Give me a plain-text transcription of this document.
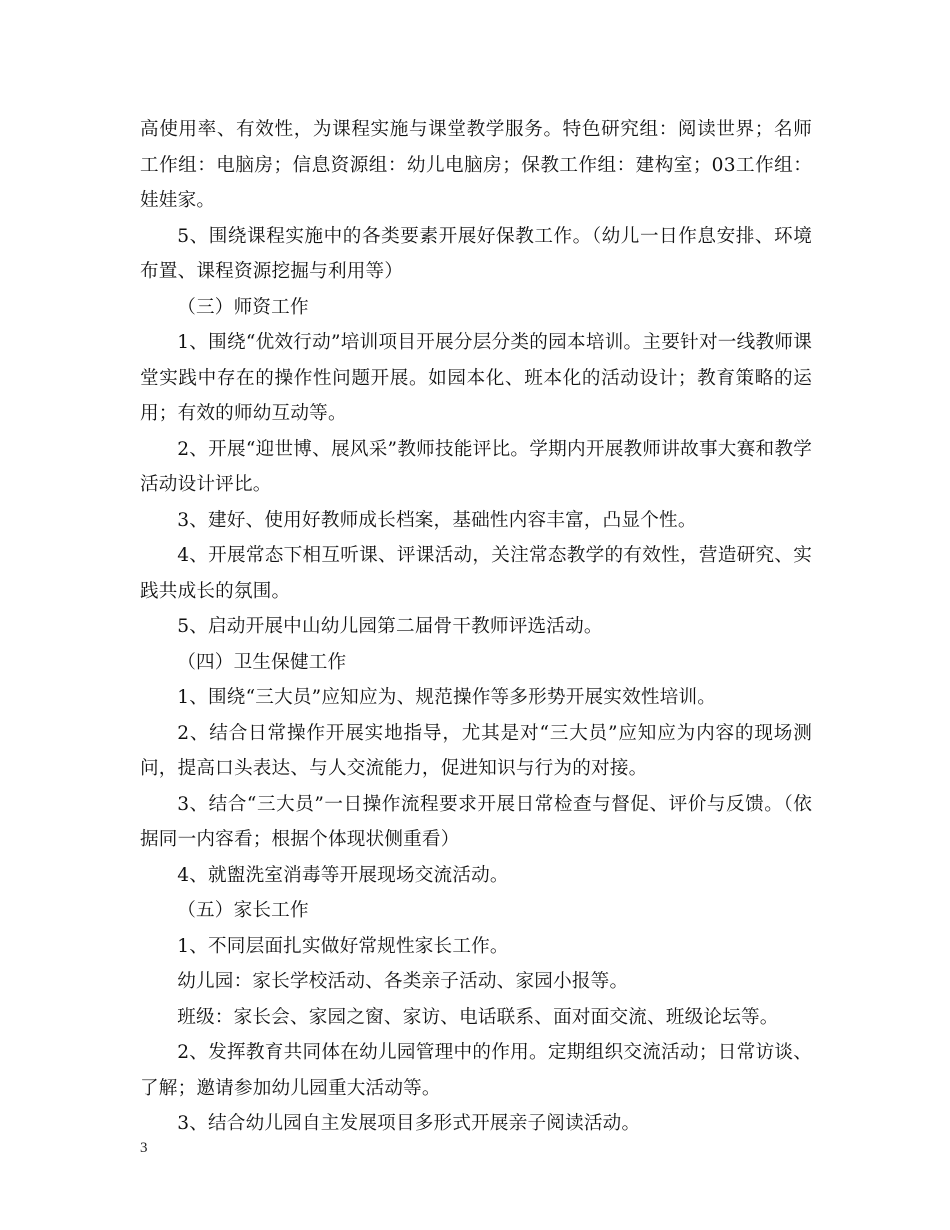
高使用率、有效性，为课程实施与课堂教学服务。特色研究组：阅读世界；名师工作组：电脑房；信息资源组：幼儿电脑房；保教工作组：建构室；03工作组：娃娃家。

5、围绕课程实施中的各类要素开展好保教工作。（幼儿一日作息安排、环境布置、课程资源挖掘与利用等）

（三）师资工作

1、围绕“优效行动”培训项目开展分层分类的园本培训。主要针对一线教师课堂实践中存在的操作性问题开展。如园本化、班本化的活动设计；教育策略的运用；有效的师幼互动等。

2、开展“迎世博、展风采”教师技能评比。学期内开展教师讲故事大赛和教学活动设计评比。

3、建好、使用好教师成长档案，基础性内容丰富，凸显个性。

4、开展常态下相互听课、评课活动，关注常态教学的有效性，营造研究、实践共成长的氛围。

5、启动开展中山幼儿园第二届骨干教师评选活动。

（四）卫生保健工作

1、围绕“三大员”应知应为、规范操作等多形势开展实效性培训。

2、结合日常操作开展实地指导，尤其是对“三大员”应知应为内容的现场测问，提高口头表达、与人交流能力，促进知识与行为的对接。

3、结合“三大员”一日操作流程要求开展日常检查与督促、评价与反馈。（依据同一内容看；根据个体现状侧重看）

4、就盥洗室消毒等开展现场交流活动。

（五）家长工作

1、不同层面扎实做好常规性家长工作。

幼儿园：家长学校活动、各类亲子活动、家园小报等。

班级：家长会、家园之窗、家访、电话联系、面对面交流、班级论坛等。

2、发挥教育共同体在幼儿园管理中的作用。定期组织交流活动；日常访谈、了解；邀请参加幼儿园重大活动等。

3、结合幼儿园自主发展项目多形式开展亲子阅读活动。

3
